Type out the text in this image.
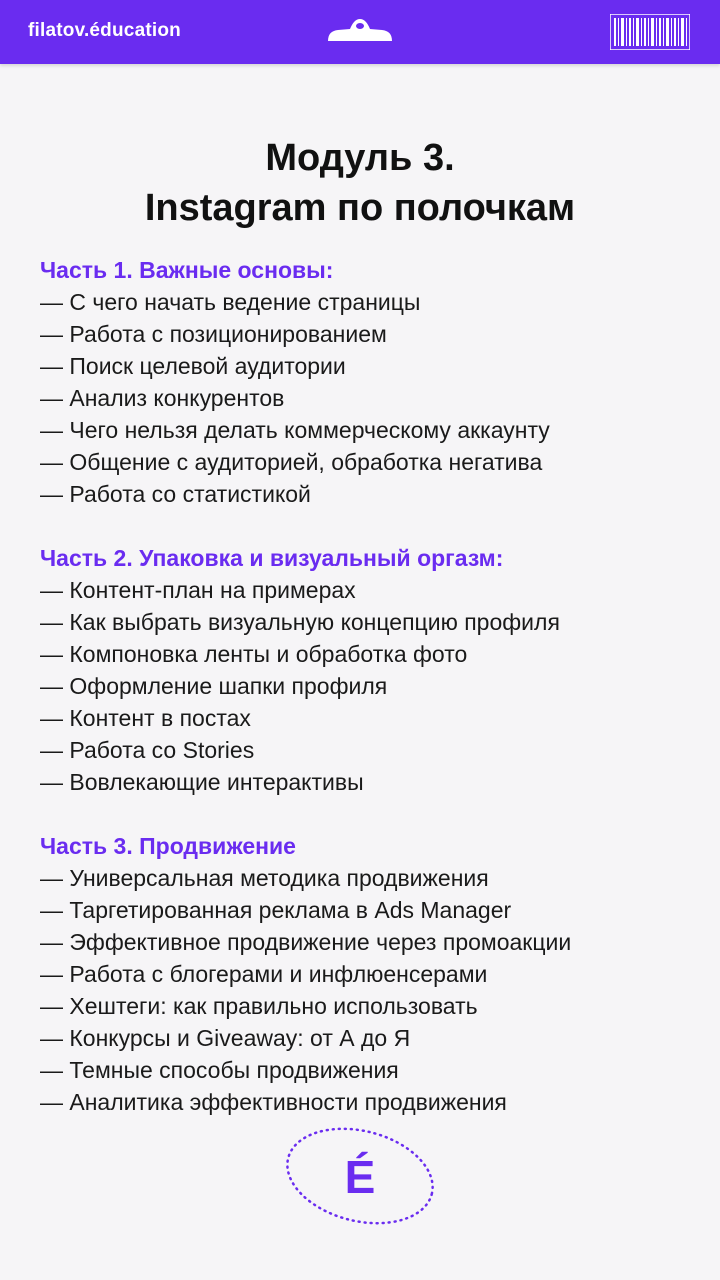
filatov.éducation
Модуль 3.
Instagram по полочкам
Часть 1. Важные основы:
— С чего начать ведение страницы
— Работа с позиционированием
— Поиск целевой аудитории
— Анализ конкурентов
— Чего нельзя делать коммерческому аккаунту
— Общение с аудиторией, обработка негатива
— Работа со статистикой
Часть 2. Упаковка и визуальный оргазм:
— Контент-план на примерах
— Как выбрать визуальную концепцию профиля
— Компоновка ленты и обработка фото
— Оформление шапки профиля
— Контент в постах
— Работа со Stories
— Вовлекающие интерактивы
Часть 3. Продвижение
— Универсальная методика продвижения
— Таргетированная реклама в Ads Manager
— Эффективное продвижение через промоакции
— Работа с блогерами и инфлюенсерами
— Хештеги: как правильно использовать
— Конкурсы и Giveaway: от А до Я
— Темные способы продвижения
— Аналитика эффективности продвижения
É
